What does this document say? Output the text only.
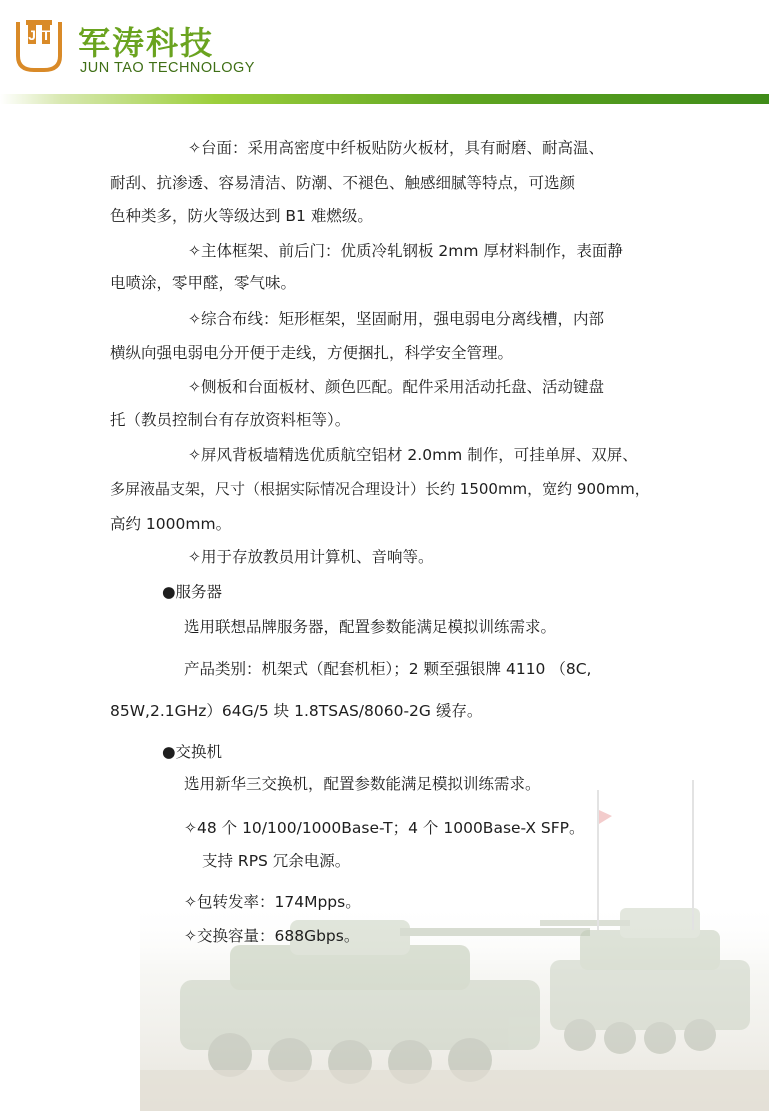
J T 军涛科技
JUN TAO TECHNOLOGY
✧台面：采用高密度中纤板贴防火板材，具有耐磨、耐高温、
耐刮、抗渗透、容易清洁、防潮、不褪色、触感细腻等特点，可选颜
色种类多，防火等级达到 B1 难燃级。
✧主体框架、前后门：优质冷轧钢板 2mm 厚材料制作，表面静
电喷涂，零甲醛，零气味。
✧综合布线：矩形框架，坚固耐用，强电弱电分离线槽，内部
横纵向强电弱电分开便于走线，方便捆扎，科学安全管理。
✧侧板和台面板材、颜色匹配。配件采用活动托盘、活动键盘
托（教员控制台有存放资料柜等）。
✧屏风背板墙精选优质航空铝材 2.0mm 制作，可挂单屏、双屏、
多屏液晶支架，尺寸（根据实际情况合理设计）长约 1500mm，宽约 900mm，
高约 1000mm。
✧用于存放教员用计算机、音响等。
●服务器
选用联想品牌服务器，配置参数能满足模拟训练需求。
产品类别：机架式（配套机柜）；2 颗至强银牌 4110 （8C,
85W,2.1GHz）64G/5 块 1.8TSAS/8060-2G 缓存。
●交换机
选用新华三交换机，配置参数能满足模拟训练需求。
✧48 个 10/100/1000Base-T；4 个 1000Base-X SFP。
支持 RPS 冗余电源。
✧包转发率：174Mpps。
✧交换容量：688Gbps。
